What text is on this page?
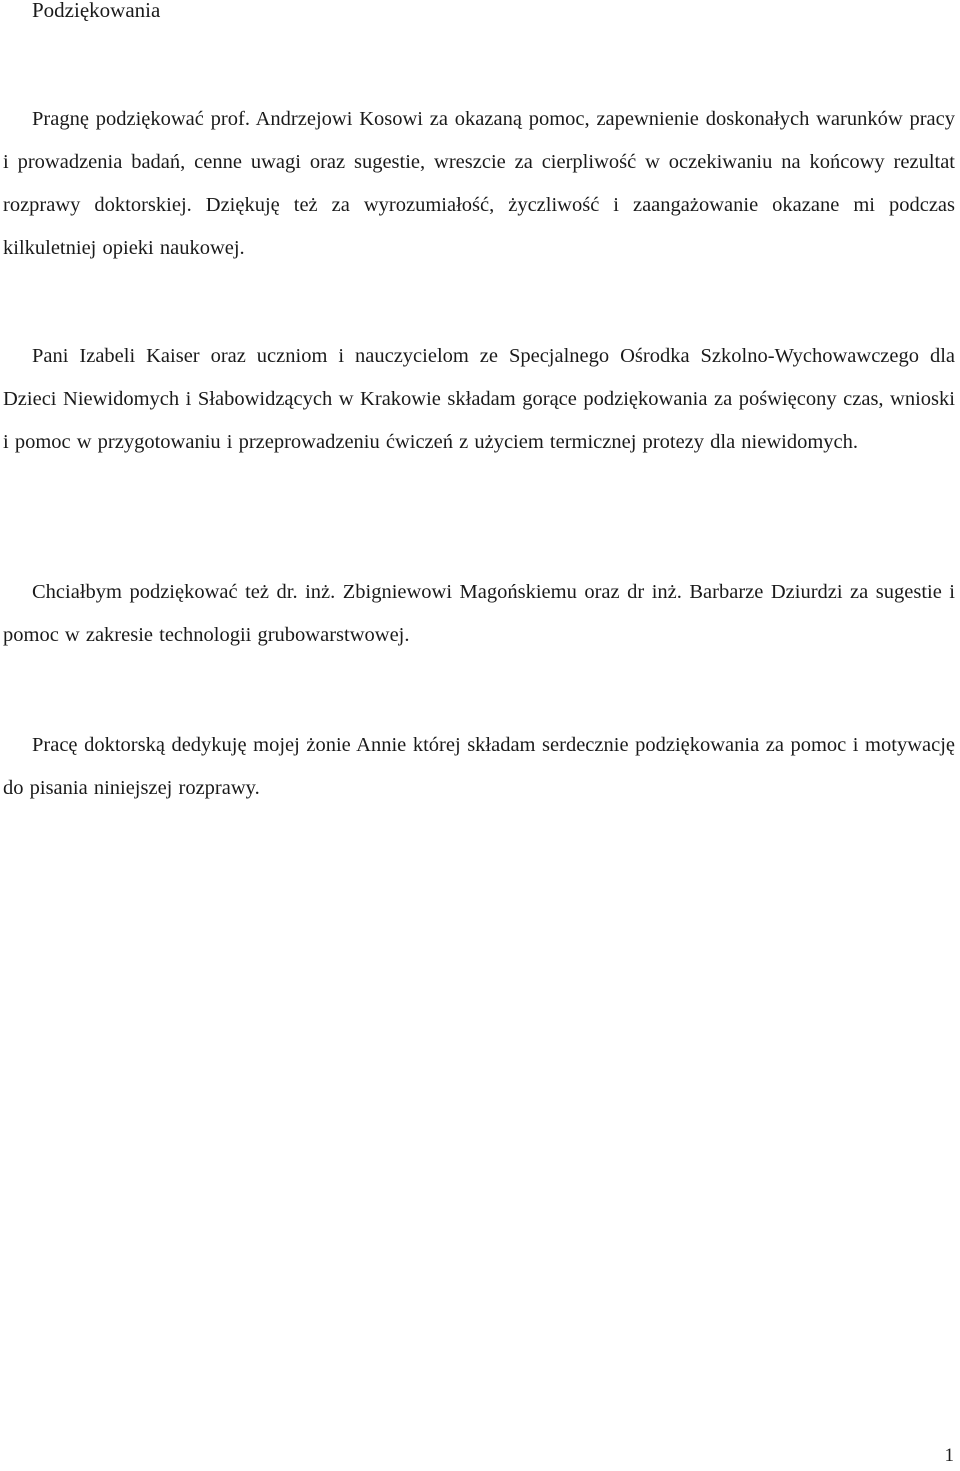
Podziękowania

Pragnę podziękować prof. Andrzejowi Kosowi za okazaną pomoc, zapewnienie doskonałych warunków pracy i prowadzenia badań, cenne uwagi oraz sugestie, wreszcie za cierpliwość w oczekiwaniu na końcowy rezultat rozprawy doktorskiej. Dziękuję też za wyrozumiałość, życzliwość i zaangażowanie okazane mi podczas kilkuletniej opieki naukowej.

Pani Izabeli Kaiser oraz uczniom i nauczycielom ze Specjalnego Ośrodka Szkolno-Wychowawczego dla Dzieci Niewidomych i Słabowidzących w Krakowie składam gorące podziękowania za poświęcony czas, wnioski i pomoc w przygotowaniu i przeprowadzeniu ćwiczeń z użyciem termicznej protezy dla niewidomych.

Chciałbym podziękować też dr. inż. Zbigniewowi Magońskiemu oraz dr inż. Barbarze Dziurdzi za sugestie i pomoc w zakresie technologii grubowarstwowej.

Pracę doktorską dedykuję mojej żonie Annie której składam serdecznie podziękowania za pomoc i motywację do pisania niniejszej rozprawy.

1
